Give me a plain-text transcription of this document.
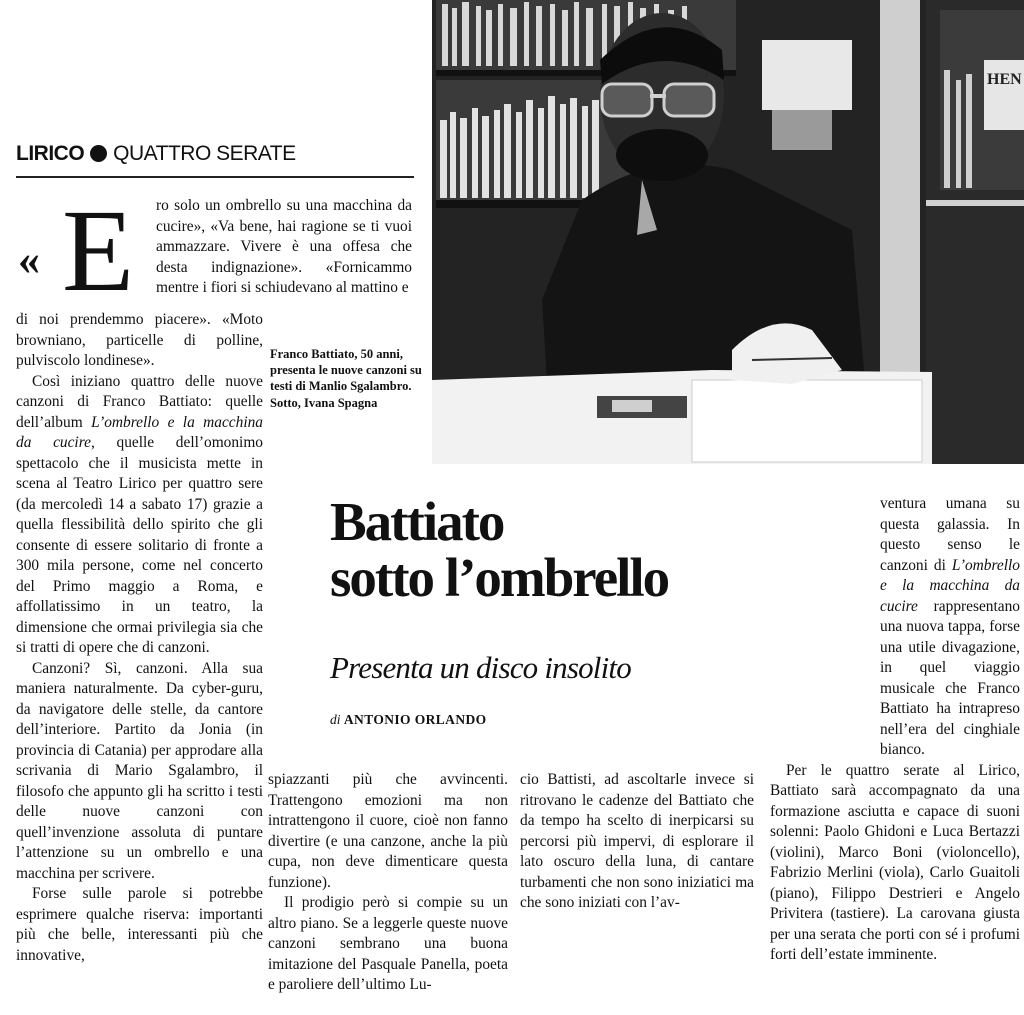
LIRICO QUATTRO SERATE
« E ro solo un ombrello su una macchina da cucire», «Va bene, hai ragione se ti vuoi ammazzare. Vivere è una offesa che desta indignazione». «Fornicammo mentre i fiori si schiudevano al mattino e

di noi prendemmo piacere». «Moto browniano, particelle di polline, pulviscolo londinese».

Così iniziano quattro delle nuove canzoni di Franco Battiato: quelle dell’album L’ombrello e la macchina da cucire, quelle dell’omonimo spettacolo che il musicista mette in scena al Teatro Lirico per quattro sere (da mercoledì 14 a sabato 17) grazie a quella flessibilità dello spirito che gli consente di essere solitario di fronte a 300 mila persone, come nel concerto del Primo maggio a Roma, e affollatissimo in un teatro, la dimensione che ormai privilegia sia che si tratti di opere che di canzoni.

Canzoni? Sì, canzoni. Alla sua maniera naturalmente. Da cyber-guru, da navigatore delle stelle, da cantore dell’interiore. Partito da Jonia (in provincia di Catania) per approdare alla scrivania di Mario Sgalambro, il filosofo che appunto gli ha scritto i testi delle nuove canzoni con quell’invenzione assoluta di puntare l’attenzione su un ombrello e una macchina per scrivere.

Forse sulle parole si potrebbe esprimere qualche riserva: importanti più che belle, interessanti più che innovative,

HEN
Franco Battiato, 50 anni, presenta le nuove canzoni su testi di Manlio Sgalambro. Sotto, Ivana Spagna
Battiato
sotto l’ombrello
Presenta un disco insolito
di ANTONIO ORLANDO

spiazzanti più che avvincenti. Trattengono emozioni ma non intrattengono il cuore, cioè non fanno divertire (e una canzone, anche la più cupa, non deve dimenticare questa funzione).

Il prodigio però si compie su un altro piano. Se a leggerle queste nuove canzoni sembrano una buona imitazione del Pasquale Panella, poeta e paroliere dell’ultimo Lu-

cio Battisti, ad ascoltarle invece si ritrovano le cadenze del Battiato che da tempo ha scelto di inerpicarsi su percorsi più impervi, di esplorare il lato oscuro della luna, di cantare turbamenti che non sono iniziatici ma che sono iniziati con l’av-

ventura umana su questa galassia. In questo senso le canzoni di L’ombrello e la macchina da cucire rappresentano una nuova tappa, forse una utile divagazione, in quel viaggio musicale che Franco Battiato ha intrapreso nell’era del cinghiale bianco.

Per le quattro serate al Lirico, Battiato sarà accompagnato da una formazione asciutta e capace di suoni solenni: Paolo Ghidoni e Luca Bertazzi (violini), Marco Boni (violoncello), Fabrizio Merlini (viola), Carlo Guaitoli (piano), Filippo Destrieri e Angelo Privitera (tastiere). La carovana giusta per una serata che porti con sé i profumi forti dell’estate imminente.
